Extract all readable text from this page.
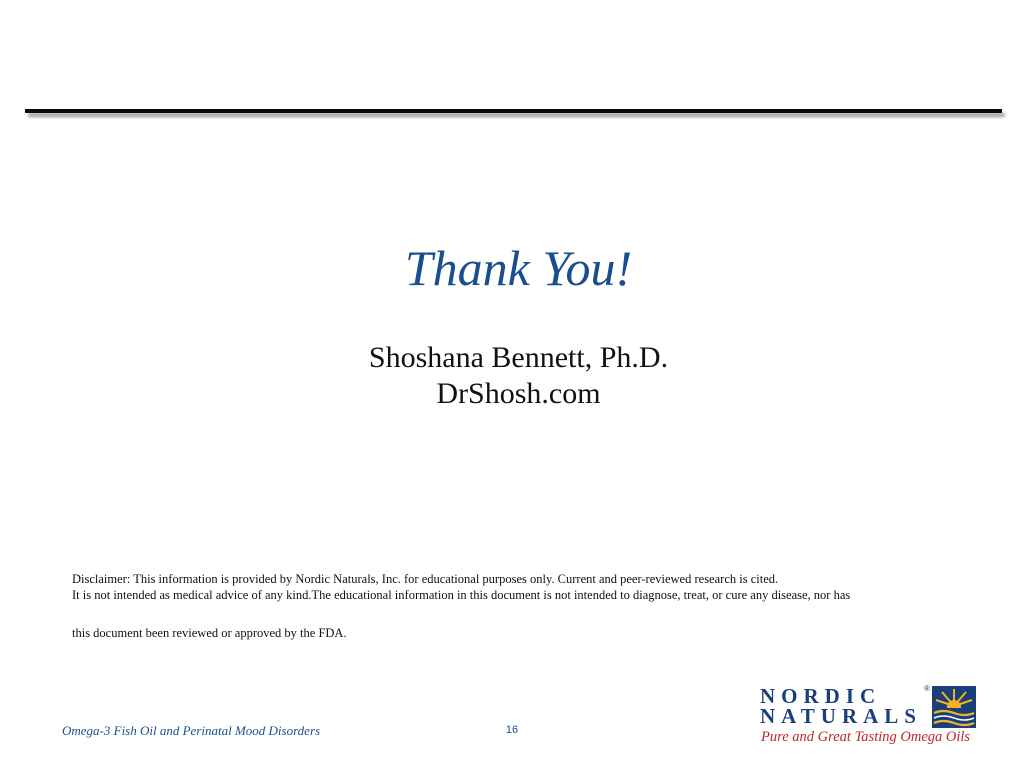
Thank You!
Shoshana Bennett, Ph.D.
DrShosh.com
Disclaimer: This information is provided by Nordic Naturals, Inc. for educational purposes only. Current and peer-reviewed research is cited.
It is not intended as medical advice of any kind.The educational information in this document is not intended to diagnose, treat, or cure any disease, nor has
this document been reviewed or approved by the FDA.
Omega-3 Fish Oil and Perinatal Mood Disorders	16
NORDIC
NATURALS
®
Pure and Great Tasting Omega Oils
